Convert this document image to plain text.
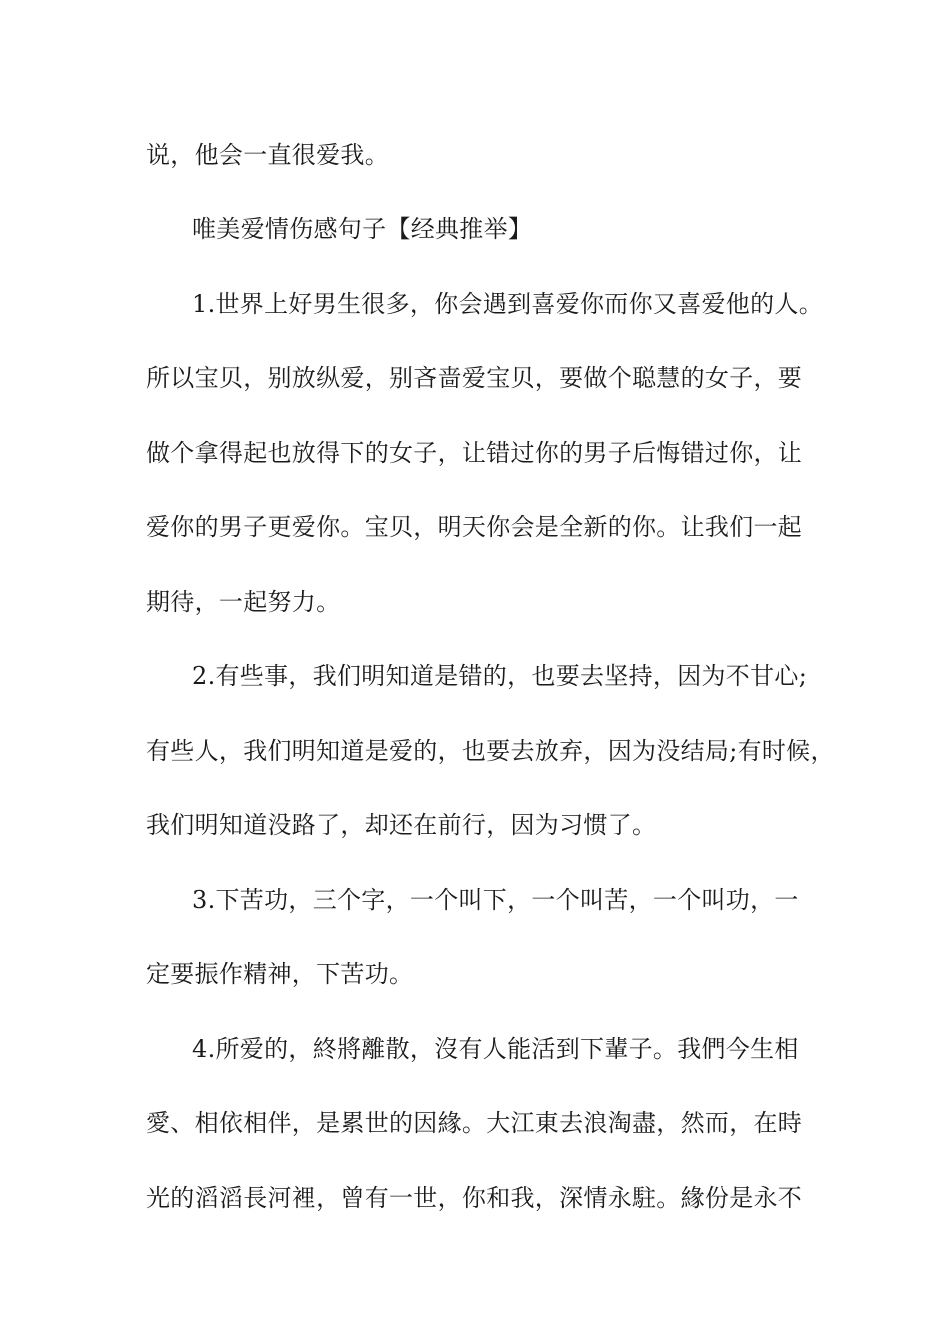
说，他会一直很爱我。
唯美爱情伤感句子【经典推举】
1.世界上好男生很多，你会遇到喜爱你而你又喜爱他的人。
所以宝贝，别放纵爱，别吝啬爱宝贝，要做个聪慧的女子，要
做个拿得起也放得下的女子，让错过你的男子后悔错过你，让
爱你的男子更爱你。宝贝，明天你会是全新的你。让我们一起
期待，一起努力。
2.有些事，我们明知道是错的，也要去坚持，因为不甘心;
有些人，我们明知道是爱的，也要去放弃，因为没结局;有时候，
我们明知道没路了，却还在前行，因为习惯了。
3.下苦功，三个字，一个叫下，一个叫苦，一个叫功，一
定要振作精神，下苦功。
4.所爱的，終將離散，沒有人能活到下輩子。我們今生相
愛、相依相伴，是累世的因緣。大江東去浪淘盡，然而，在時
光的滔滔長河裡，曾有一世，你和我，深情永駐。緣份是永不
